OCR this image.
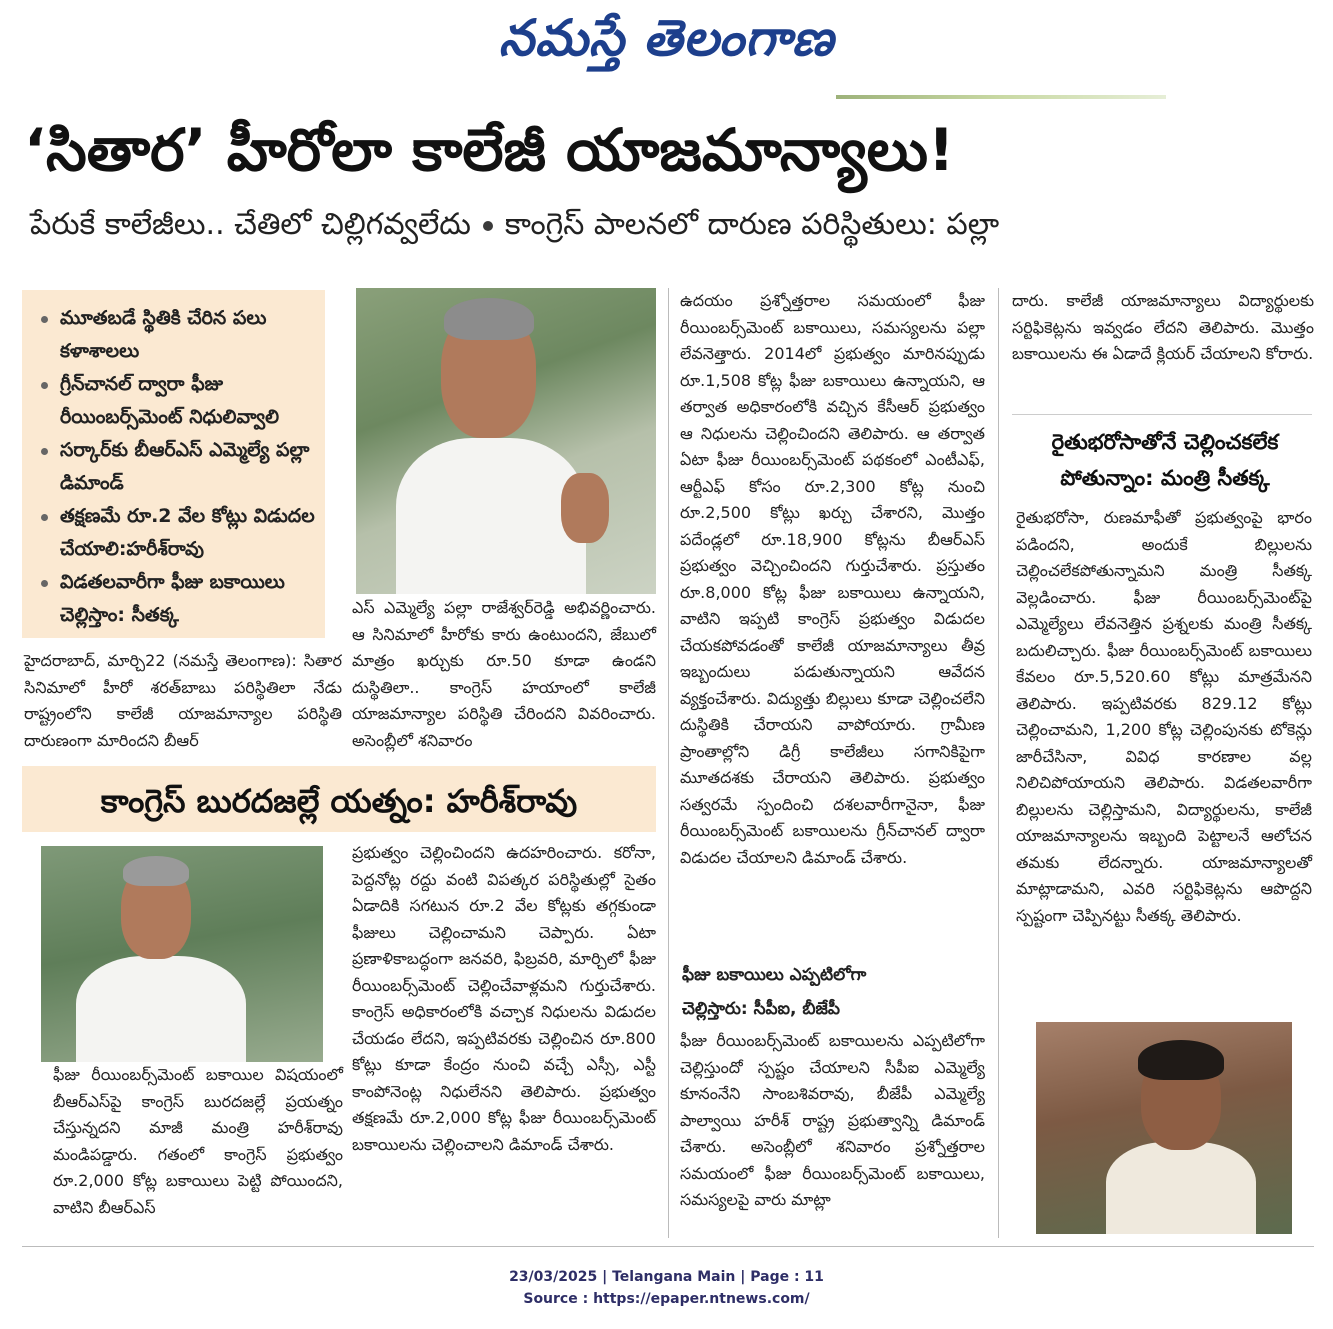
నమస్తే తెలంగాణ
‘సితార’ హీరోలా కాలేజీ యాజమాన్యాలు!
పేరుకే కాలేజీలు.. చేతిలో చిల్లిగవ్వలేదు కాంగ్రెస్ పాలనలో దారుణ పరిస్థితులు: పల్లా
మూతబడే స్థితికి చేరిన పలు కళాశాలలు
గ్రీన్‌చానల్ ద్వారా ఫీజు రీయింబర్స్‌మెంట్ నిధులివ్వాలి
సర్కార్‌కు బీఆర్‌ఎస్ ఎమ్మెల్యే పల్లా డిమాండ్
తక్షణమే రూ.2 వేల కోట్లు విడుదల చేయాలి:హరీశ్‌రావు
విడతలవారీగా ఫీజు బకాయిలు చెల్లిస్తాం: సీతక్క
హైదరాబాద్, మార్చి22 (నమస్తే తెలంగాణ): సితార సినిమాలో హీరో శరత్‌బాబు పరిస్థితిలా నేడు రాష్ట్రంలోని కాలేజీ యాజమాన్యాల పరిస్థితి దారుణంగా మారిందని బీఆర్
ఎస్ ఎమ్మెల్యే పల్లా రాజేశ్వర్‌రెడ్డి అభివర్ణించారు. ఆ సినిమాలో హీరోకు కారు ఉంటుందని, జేబులో మాత్రం ఖర్చుకు రూ.50 కూడా ఉండని దుస్థితిలా.. కాంగ్రెస్ హయాంలో కాలేజీ యాజమాన్యాల పరిస్థితి చేరిందని వివరించారు. అసెంబ్లీలో శనివారం
ఉదయం ప్రశ్నోత్తరాల సమయంలో ఫీజు రీయింబర్స్‌మెంట్ బకాయిలు, సమస్యలను పల్లా లేవనెత్తారు. 2014లో ప్రభుత్వం మారినప్పుడు రూ.1,508 కోట్ల ఫీజు బకాయిలు ఉన్నాయని, ఆ తర్వాత అధికారంలోకి వచ్చిన కేసీఆర్ ప్రభుత్వం ఆ నిధులను చెల్లించిందని తెలిపారు. ఆ తర్వాత ఏటా ఫీజు రీయింబర్స్‌మెంట్ పథకంలో ఎంటీఎఫ్, ఆర్టీఎఫ్ కోసం రూ.2,300 కోట్ల నుంచి రూ.2,500 కోట్లు ఖర్చు చేశారని, మొత్తం పదేండ్లలో రూ.18,900 కోట్లను బీఆర్‌ఎస్ ప్రభుత్వం వెచ్చించిందని గుర్తుచేశారు. ప్రస్తుతం రూ.8,000 కోట్ల ఫీజు బకాయిలు ఉన్నాయని, వాటిని ఇప్పటి కాంగ్రెస్ ప్రభుత్వం విడుదల చేయకపోవడంతో కాలేజీ యాజమాన్యాలు తీవ్ర ఇబ్బందులు పడుతున్నాయని ఆవేదన వ్యక్తంచేశారు. విద్యుత్తు బిల్లులు కూడా చెల్లించలేని దుస్థితికి చేరాయని వాపోయారు. గ్రామీణ ప్రాంతాల్లోని డిగ్రీ కాలేజీలు సగానికిపైగా మూతదశకు చేరాయని తెలిపారు. ప్రభుత్వం సత్వరమే స్పందించి దశలవారీగానైనా, ఫీజు రీయింబర్స్‌మెంట్ బకాయిలను గ్రీన్‌చానల్ ద్వారా విడుదల చేయాలని డిమాండ్ చేశారు.
దారు. కాలేజీ యాజమాన్యాలు విద్యార్థులకు సర్టిఫికెట్లను ఇవ్వడం లేదని తెలిపారు. మొత్తం బకాయిలను ఈ ఏడాదే క్లియర్ చేయాలని కోరారు.
కాంగ్రెస్ బురదజల్లే యత్నం: హరీశ్‌రావు
ఫీజు రీయింబర్స్‌మెంట్ బకాయిల విషయంలో బీఆర్‌ఎస్‌పై కాంగ్రెస్ బురదజల్లే ప్రయత్నం చేస్తున్నదని మాజీ మంత్రి హరీశ్‌రావు మండిపడ్డారు. గతంలో కాంగ్రెస్ ప్రభుత్వం రూ.2,000 కోట్ల బకాయిలు పెట్టి పోయిందని, వాటిని బీఆర్‌ఎస్
ప్రభుత్వం చెల్లించిందని ఉదహరించారు. కరోనా, పెద్దనోట్ల రద్దు వంటి విపత్కర పరిస్థితుల్లో సైతం ఏడాదికి సగటున రూ.2 వేల కోట్లకు తగ్గకుండా ఫీజులు చెల్లించామని చెప్పారు. ఏటా ప్రణాళికాబద్ధంగా జనవరి, ఫిబ్రవరి, మార్చిలో ఫీజు రీయింబర్స్‌మెంట్ చెల్లించేవాళ్లమని గుర్తుచేశారు. కాంగ్రెస్ అధికారంలోకి వచ్చాక నిధులను విడుదల చేయడం లేదని, ఇప్పటివరకు చెల్లించిన రూ.800 కోట్లు కూడా కేంద్రం నుంచి వచ్చే ఎస్సీ, ఎస్టీ కాంపోనెంట్ల నిధులేనని తెలిపారు. ప్రభుత్వం తక్షణమే రూ.2,000 కోట్ల ఫీజు రీయింబర్స్‌మెంట్ బకాయిలను చెల్లించాలని డిమాండ్ చేశారు.
ఫీజు బకాయిలు ఎప్పటిలోగా
చెల్లిస్తారు: సీపీఐ, బీజేపీ
ఫీజు రీయింబర్స్‌మెంట్ బకాయిలను ఎప్పటిలోగా చెల్లిస్తుందో స్పష్టం చేయాలని సీపీఐ ఎమ్మెల్యే కూనంనేని సాంబశివరావు, బీజేపీ ఎమ్మెల్యే పాల్వాయి హరీశ్ రాష్ట్ర ప్రభుత్వాన్ని డిమాండ్ చేశారు. అసెంబ్లీలో శనివారం ప్రశ్నోత్తరాల సమయంలో ఫీజు రీయింబర్స్‌మెంట్ బకాయిలు, సమస్యలపై వారు మాట్లా
రైతుభరోసాతోనే చెల్లించకలేక పోతున్నాం: మంత్రి సీతక్క
రైతుభరోసా, రుణమాఫీతో ప్రభుత్వంపై భారం పడిందని, అందుకే బిల్లులను చెల్లించలేకపోతున్నామని మంత్రి సీతక్క వెల్లడించారు. ఫీజు రీయింబర్స్‌మెంట్‌పై ఎమ్మెల్యేలు లేవనెత్తిన ప్రశ్నలకు మంత్రి సీతక్క బదులిచ్చారు. ఫీజు రీయింబర్స్‌మెంట్ బకాయిలు కేవలం రూ.5,520.60 కోట్లు మాత్రమేనని తెలిపారు. ఇప్పటివరకు 829.12 కోట్లు చెల్లించామని, 1,200 కోట్ల చెల్లింపునకు టోకెన్లు జారీచేసినా, వివిధ కారణాల వల్ల నిలిచిపోయాయని తెలిపారు. విడతలవారీగా బిల్లులను చెల్లిస్తామని, విద్యార్థులను, కాలేజీ యాజమాన్యాలను ఇబ్బంది పెట్టాలనే ఆలోచన తమకు లేదన్నారు. యాజమాన్యాలతో మాట్లాడామని, ఎవరి సర్టిఫికెట్లను ఆపొద్దని స్పష్టంగా చెప్పినట్టు సీతక్క తెలిపారు.
23/03/2025 | Telangana Main | Page : 11
Source : https://epaper.ntnews.com/
